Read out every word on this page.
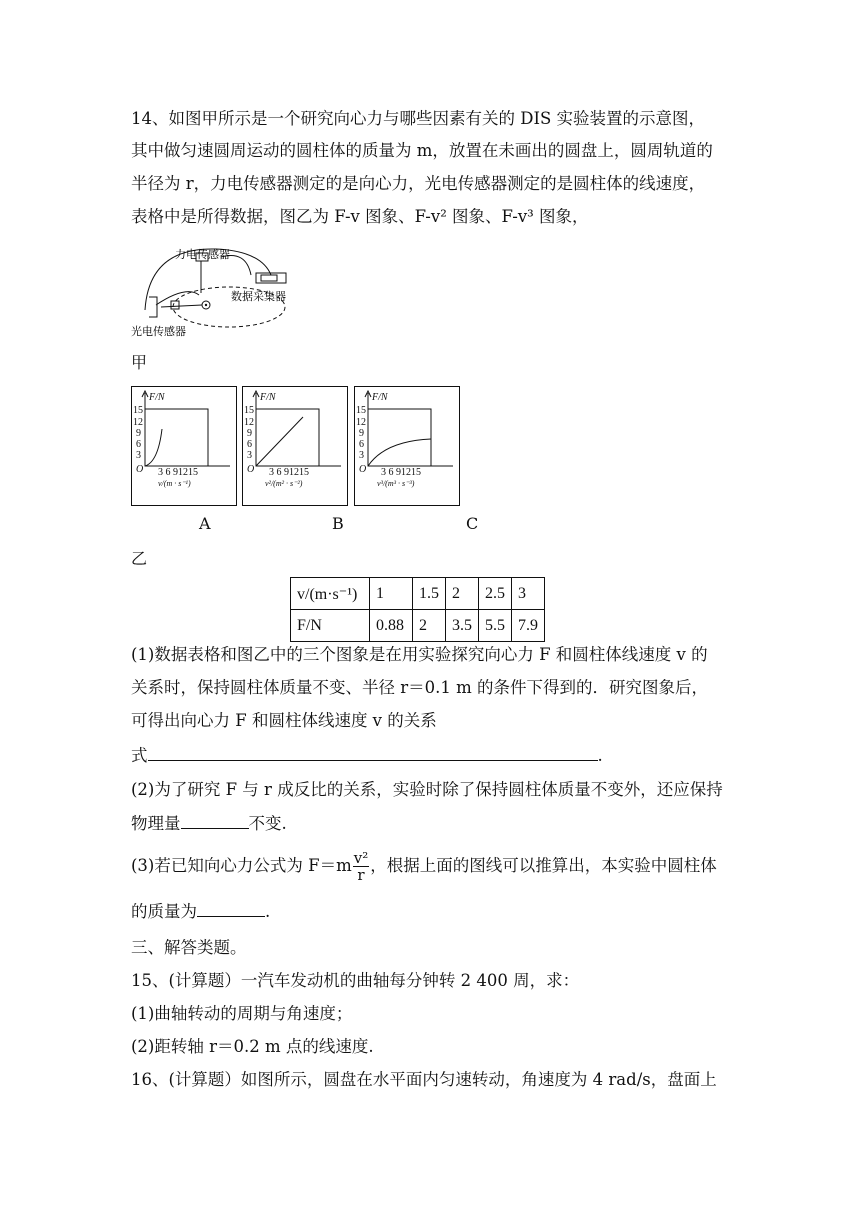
14、如图甲所示是一个研究向心力与哪些因素有关的 DIS 实验装置的示意图，
其中做匀速圆周运动的圆柱体的质量为 m，放置在未画出的圆盘上，圆周轨道的
半径为 r，力电传感器测定的是向心力，光电传感器测定的是圆柱体的线速度，
表格中是所得数据，图乙为 F-v 图象、F-v² 图象、F-v³ 图象，
力电传感器
数据采集器
光电传感器
甲
F/N
15
12
9
6
3
O 3 6 91215
v/(m · s⁻¹)
F/N
15
12
9
6
3
O 3 6 91215
v²/(m² · s⁻²)
F/N
15
12
9
6
3
O 3 6 91215
v³/(m³ · s⁻³)
A	B	C
乙
v/(m·s⁻¹)	1	1.5	2	2.5	3
F/N	0.88	2	3.5	5.5	7.9
(1)数据表格和图乙中的三个图象是在用实验探究向心力 F 和圆柱体线速度 v 的
关系时，保持圆柱体质量不变、半径 r＝0.1 m 的条件下得到的．研究图象后，
可得出向心力 F 和圆柱体线速度 v 的关系
式	.
(2)为了研究 F 与 r 成反比的关系，实验时除了保持圆柱体质量不变外，还应保持
物理量	不变.
(3)若已知向心力公式为 $F=m \frac{\text{v²}}{r}$ ，根据上面的图线可以推算出，本实验中圆柱体
的质量为	.
三、解答类题。
15、(计算题）一汽车发动机的曲轴每分钟转 2 400 周，求：
(1)曲轴转动的周期与角速度；
(2)距转轴 r＝0.2 m 点的线速度.
16、(计算题）如图所示，圆盘在水平面内匀速转动，角速度为 4 rad/s，盘面上
